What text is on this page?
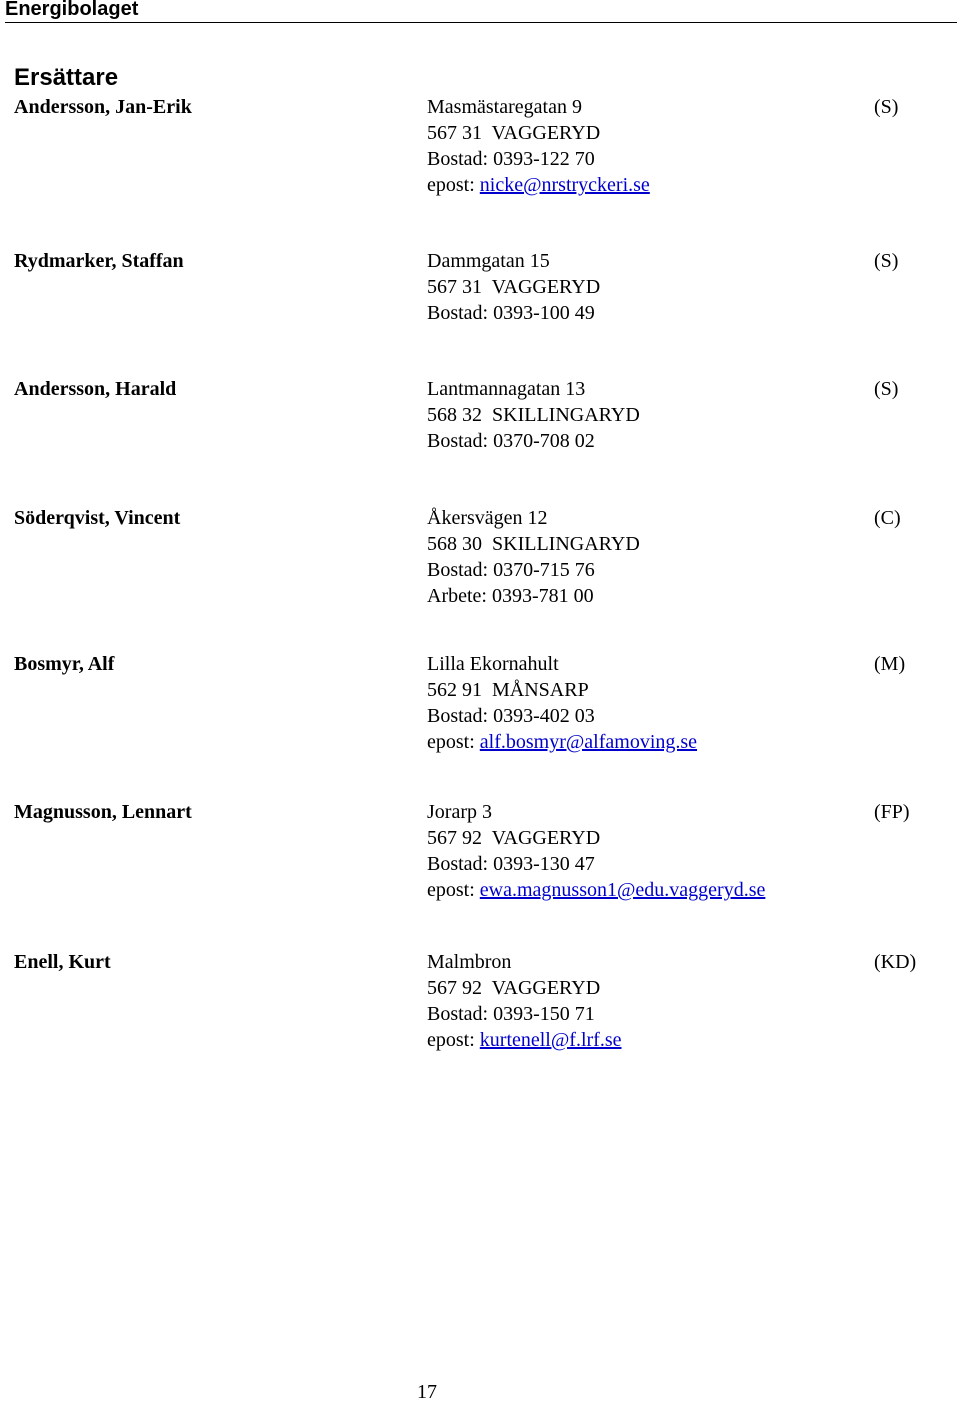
Energibolaget
Ersättare
Andersson, Jan-Erik	Masmästaregatan 9
567 31  VAGGERYD
Bostad: 0393-122 70
epost: nicke@nrstryckeri.se
(S)
Rydmarker, Staffan	Dammgatan 15
567 31  VAGGERYD
Bostad: 0393-100 49
(S)
Andersson, Harald	Lantmannagatan 13
568 32  SKILLINGARYD
Bostad: 0370-708 02
(S)
Söderqvist, Vincent	Åkersvägen 12
568 30  SKILLINGARYD
Bostad: 0370-715 76
Arbete: 0393-781 00
(C)
Bosmyr, Alf	Lilla Ekornahult
562 91  MÅNSARP
Bostad: 0393-402 03
epost: alf.bosmyr@alfamoving.se
(M)
Magnusson, Lennart	Jorarp 3
567 92  VAGGERYD
Bostad: 0393-130 47
epost: ewa.magnusson1@edu.vaggeryd.se
(FP)
Enell, Kurt	Malmbron
567 92  VAGGERYD
Bostad: 0393-150 71
epost: kurtenell@f.lrf.se
(KD)
17
